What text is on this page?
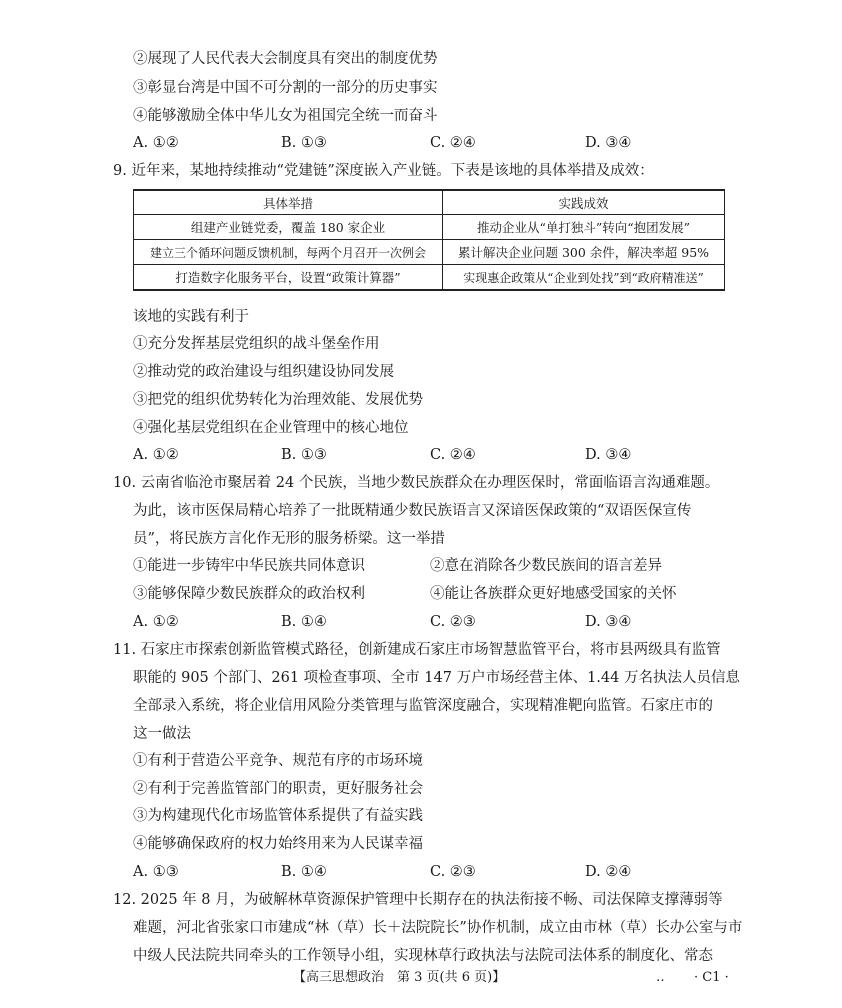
②展现了人民代表大会制度具有突出的制度优势
③彰显台湾是中国不可分割的一部分的历史事实
④能够激励全体中华儿女为祖国完全统一而奋斗
A. ①②	B. ①③	C. ②④	D. ③④
9. 近年来，某地持续推动“党建链”深度嵌入产业链。下表是该地的具体举措及成效：
具体举措	实践成效
组建产业链党委，覆盖 180 家企业	推动企业从“单打独斗”转向“抱团发展”
建立三个循环问题反馈机制，每两个月召开一次例会	累计解决企业问题 300 余件，解决率超 95%
打造数字化服务平台，设置“政策计算器”	实现惠企政策从“企业到处找”到“政府精准送”
该地的实践有利于
①充分发挥基层党组织的战斗堡垒作用
②推动党的政治建设与组织建设协同发展
③把党的组织优势转化为治理效能、发展优势
④强化基层党组织在企业管理中的核心地位
A. ①②	B. ①③	C. ②④	D. ③④
10. 云南省临沧市聚居着 24 个民族，当地少数民族群众在办理医保时，常面临语言沟通难题。
为此，该市医保局精心培养了一批既精通少数民族语言又深谙医保政策的“双语医保宣传
员”，将民族方言化作无形的服务桥梁。这一举措
①能进一步铸牢中华民族共同体意识	②意在消除各少数民族间的语言差异
③能够保障少数民族群众的政治权利	④能让各族群众更好地感受国家的关怀
A. ①②	B. ①④	C. ②③	D. ③④
11. 石家庄市探索创新监管模式路径，创新建成石家庄市场智慧监管平台，将市县两级具有监管
职能的 905 个部门、261 项检查事项、全市 147 万户市场经营主体、1.44 万名执法人员信息
全部录入系统，将企业信用风险分类管理与监管深度融合，实现精准靶向监管。石家庄市的
这一做法
①有利于营造公平竞争、规范有序的市场环境
②有利于完善监管部门的职责，更好服务社会
③为构建现代化市场监管体系提供了有益实践
④能够确保政府的权力始终用来为人民谋幸福
A. ①③	B. ①④	C. ②③	D. ②④
12. 2025 年 8 月，为破解林草资源保护管理中长期存在的执法衔接不畅、司法保障支撑薄弱等
难题，河北省张家口市建成“林（草）长＋法院院长”协作机制，成立由市林（草）长办公室与市
中级人民法院共同牵头的工作领导小组，实现林草行政执法与法院司法体系的制度化、常态
【高三思想政治　第 3 页(共 6 页)】	‥ · C1 ·
